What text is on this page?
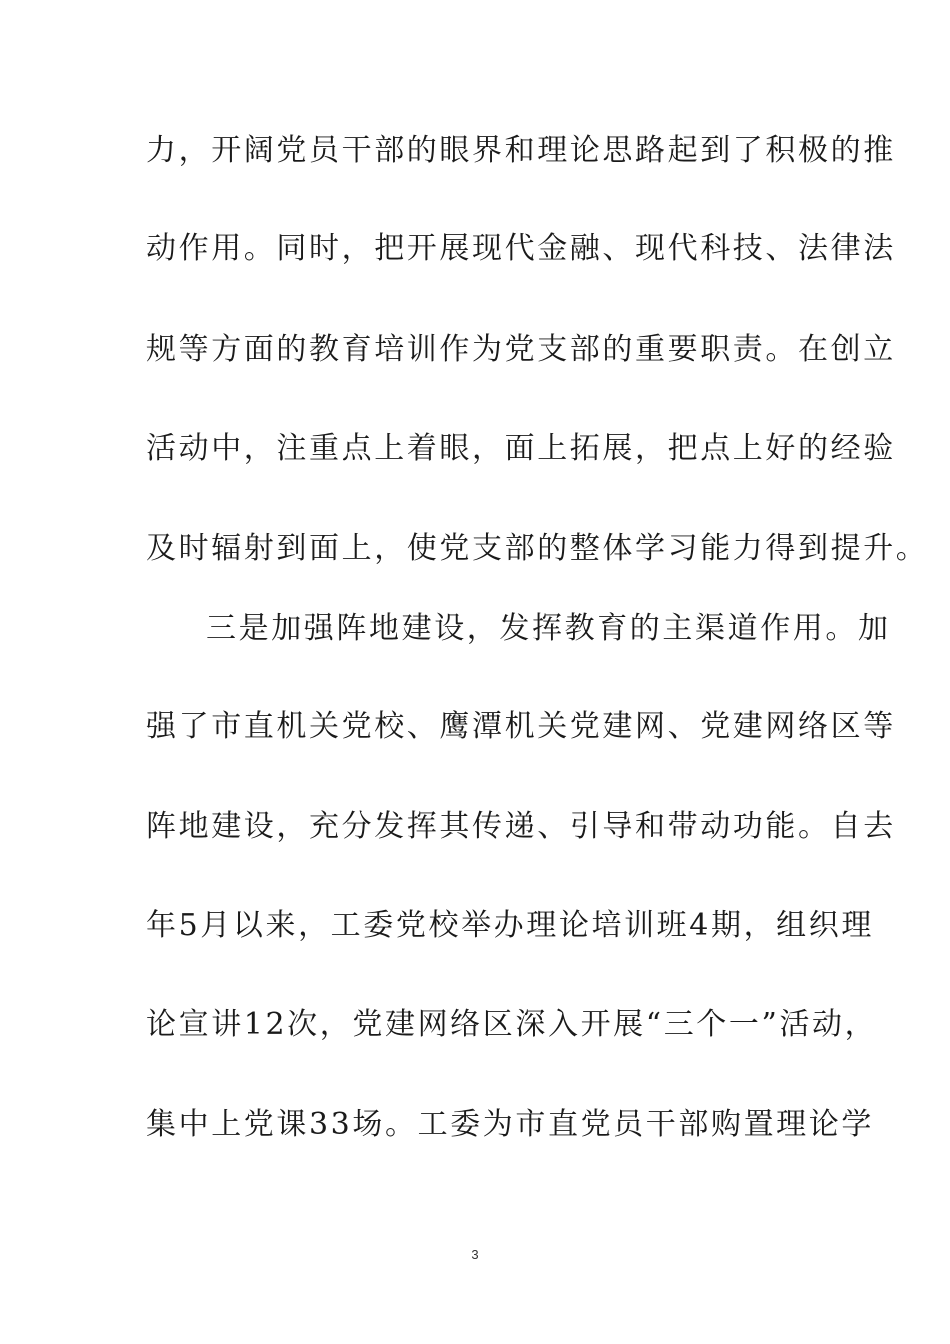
力，开阔党员干部的眼界和理论思路起到了积极的推
动作用。同时，把开展现代金融、现代科技、法律法
规等方面的教育培训作为党支部的重要职责。在创立
活动中，注重点上着眼，面上拓展，把点上好的经验
及时辐射到面上，使党支部的整体学习能力得到提升。
三是加强阵地建设，发挥教育的主渠道作用。加
强了市直机关党校、鹰潭机关党建网、党建网络区等
阵地建设，充分发挥其传递、引导和带动功能。自去
年5月以来，工委党校举办理论培训班4期，组织理
论宣讲12次，党建网络区深入开展“三个一”活动，
集中上党课33场。工委为市直党员干部购置理论学
3
